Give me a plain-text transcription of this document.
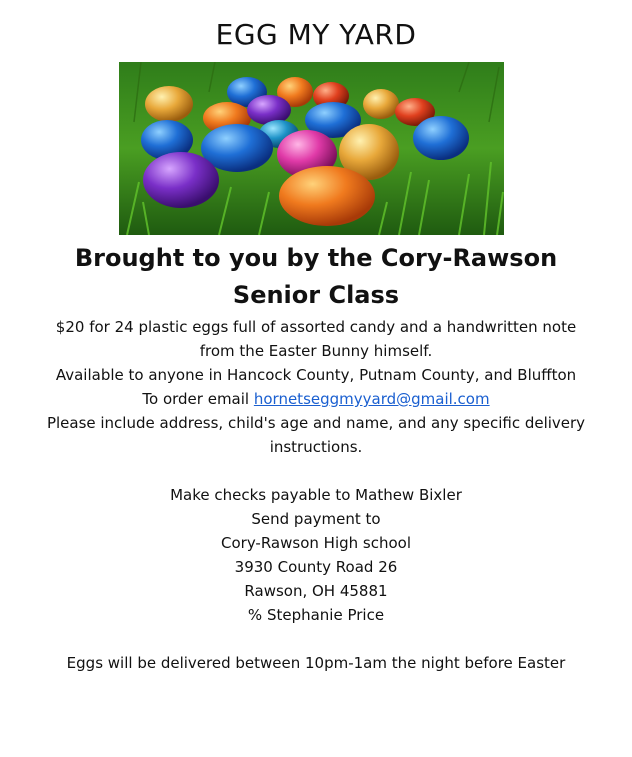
EGG MY YARD
Brought to you by the Cory-Rawson
Senior Class

$20 for 24 plastic eggs full of assorted candy and a handwritten note from the Easter Bunny himself.

Available to anyone in Hancock County, Putnam County, and Bluffton

To order email hornetseggmyyard@gmail.com

Please include address, child's age and name, and any specific delivery instructions.

Make checks payable to Mathew Bixler

Send payment to

Cory-Rawson High school

3930 County Road 26

Rawson, OH 45881

% Stephanie Price

Eggs will be delivered between 10pm-1am the night before Easter
